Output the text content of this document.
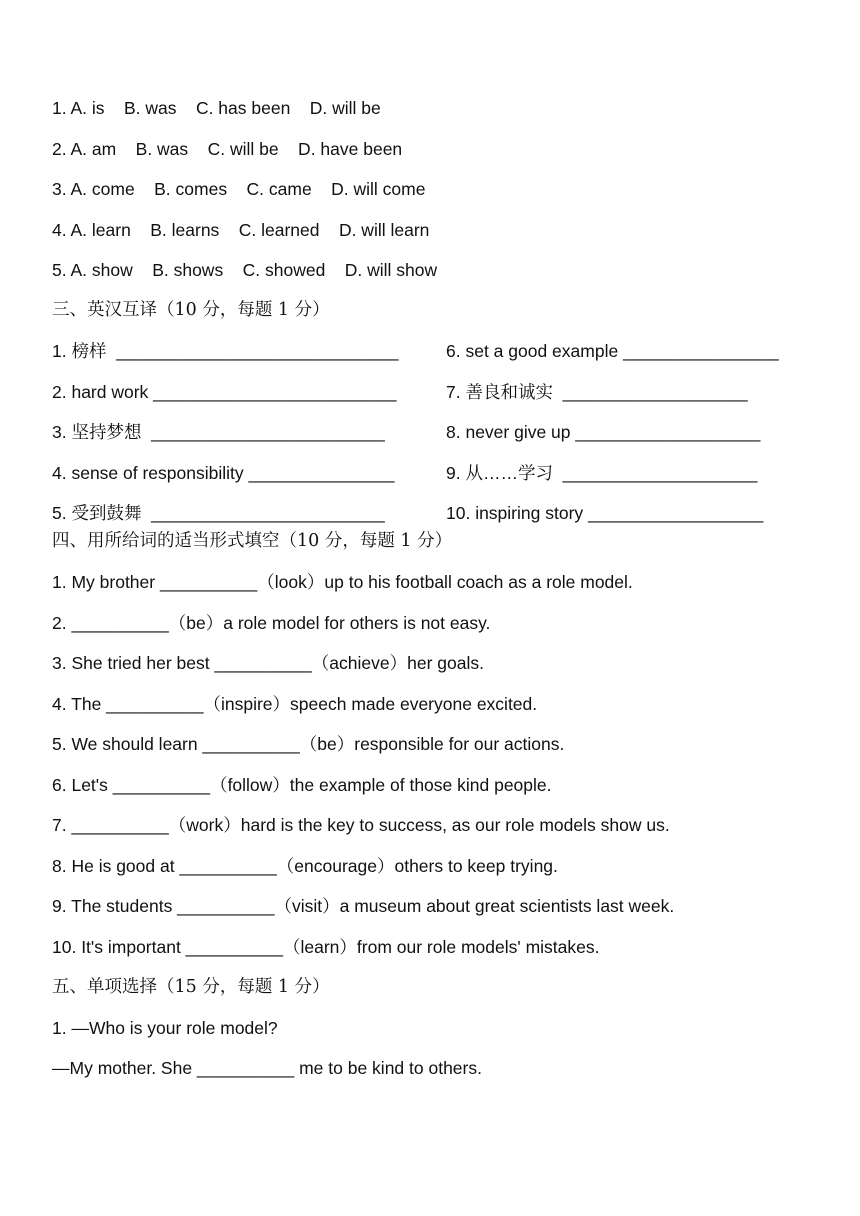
1. A. is    B. was    C. has been    D. will be
2. A. am    B. was    C. will be    D. have been
3. A. come    B. comes    C. came    D. will come
4. A. learn    B. learns    C. learned    D. will learn
5. A. show    B. shows    C. showed    D. will show
三、英汉互译（10 分，每题 1 分）
1. 榜样  _____________________________	6. set a good example ________________
2. hard work _________________________	7. 善良和诚实  ___________________
3. 坚持梦想  ________________________	8. never give up ___________________
4. sense of responsibility _______________	9. 从……学习  ____________________
5. 受到鼓舞  ________________________	10. inspiring story __________________
四、用所给词的适当形式填空（10 分，每题 1 分）
1. My brother __________（look）up to his football coach as a role model.
2. __________（be）a role model for others is not easy.
3. She tried her best __________（achieve）her goals.
4. The __________（inspire）speech made everyone excited.
5. We should learn __________（be）responsible for our actions.
6. Let's __________（follow）the example of those kind people.
7. __________（work）hard is the key to success, as our role models show us.
8. He is good at __________（encourage）others to keep trying.
9. The students __________（visit）a museum about great scientists last week.
10. It's important __________（learn）from our role models' mistakes.
五、单项选择（15 分，每题 1 分）
1. —Who is your role model?
—My mother. She __________ me to be kind to others.
